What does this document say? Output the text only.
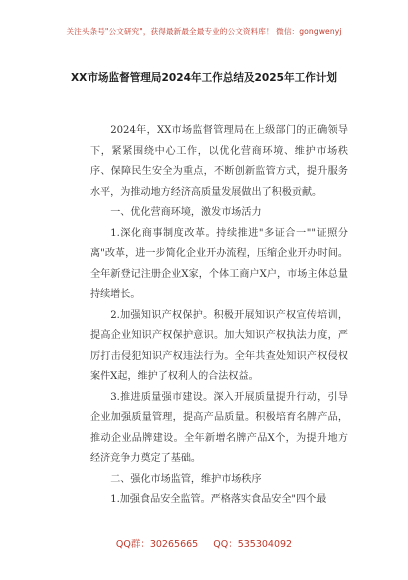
关注头条号"公文研究"，获得最新最全最专业的公文资料库！ 微信：gongwenyj
XX市场监督管理局2024年工作总结及2025年工作计划

2024年，XX市场监督管理局在上级部门的正确领导下，紧紧围绕中心工作，以优化营商环境、维护市场秩序、保障民生安全为重点，不断创新监管方式，提升服务水平，为推动地方经济高质量发展做出了积极贡献。

一、优化营商环境，激发市场活力

1.深化商事制度改革。持续推进"多证合一""证照分离"改革，进一步简化企业开办流程，压缩企业开办时间。全年新登记注册企业X家，个体工商户X户，市场主体总量持续增长。

2.加强知识产权保护。积极开展知识产权宣传培训，提高企业知识产权保护意识。加大知识产权执法力度，严厉打击侵犯知识产权违法行为。全年共查处知识产权侵权案件X起，维护了权利人的合法权益。

3.推进质量强市建设。深入开展质量提升行动，引导企业加强质量管理，提高产品质量。积极培育名牌产品，推动企业品牌建设。全年新增名牌产品X个，为提升地方经济竞争力奠定了基础。

二、强化市场监管，维护市场秩序

1.加强食品安全监管。严格落实食品安全"四个最

QQ群：30265665 QQ：535304092
